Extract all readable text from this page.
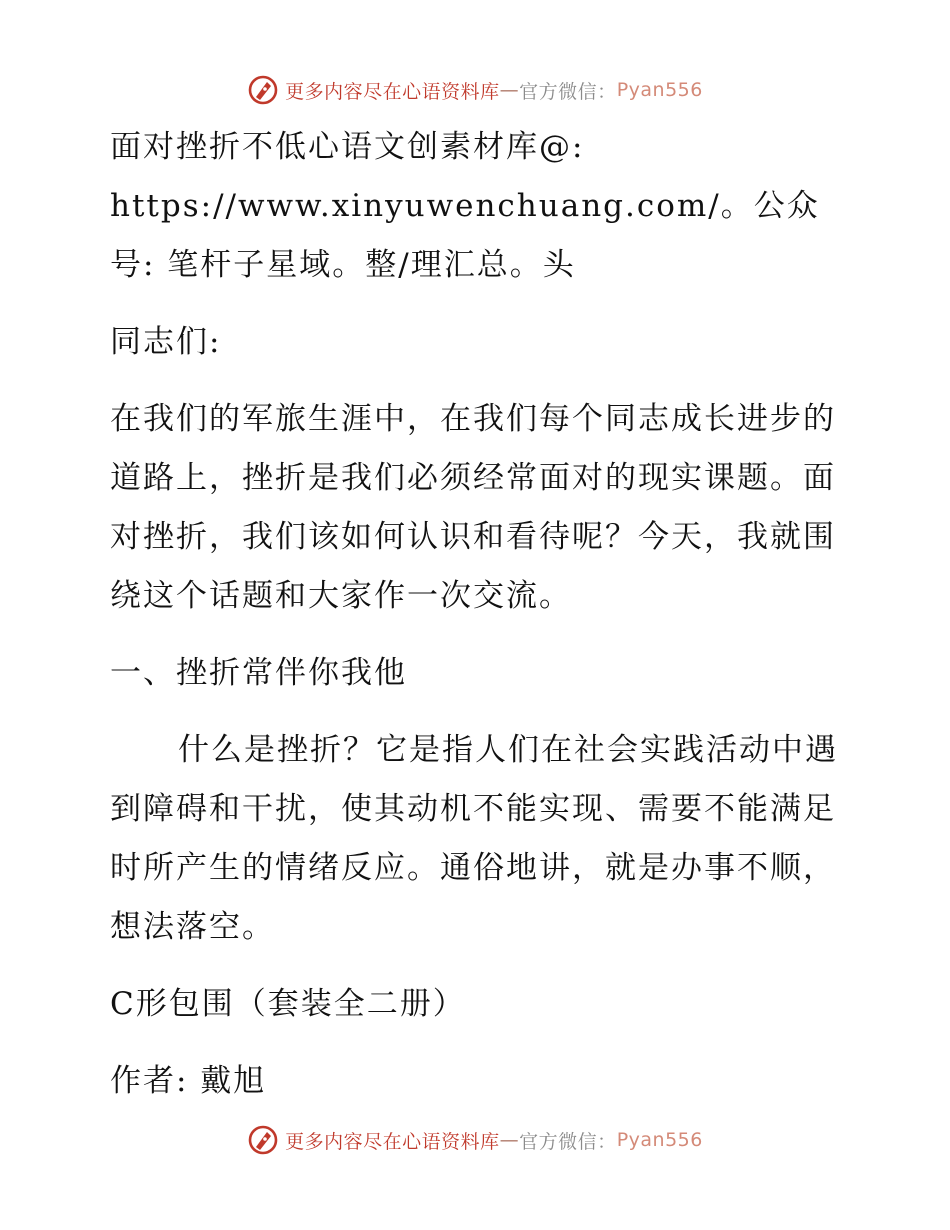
更多内容尽在心语资料库 — 官方微信： Pyan556

面对挫折不低心语文创素材库@: https://www.xinyuwenchuang.com/。公众号: 笔杆子星域。整/理汇总。头

同志们:

在我们的军旅生涯中，在我们每个同志成长进步的道路上，挫折是我们必须经常面对的现实课题。面对挫折，我们该如何认识和看待呢？今天，我就围绕这个话题和大家作一次交流。

一、挫折常伴你我他

什么是挫折？它是指人们在社会实践活动中遇到障碍和干扰，使其动机不能实现、需要不能满足时所产生的情绪反应。通俗地讲，就是办事不顺，想法落空。

C形包围（套装全二册）

作者: 戴旭

更多内容尽在心语资料库 — 官方微信： Pyan556
